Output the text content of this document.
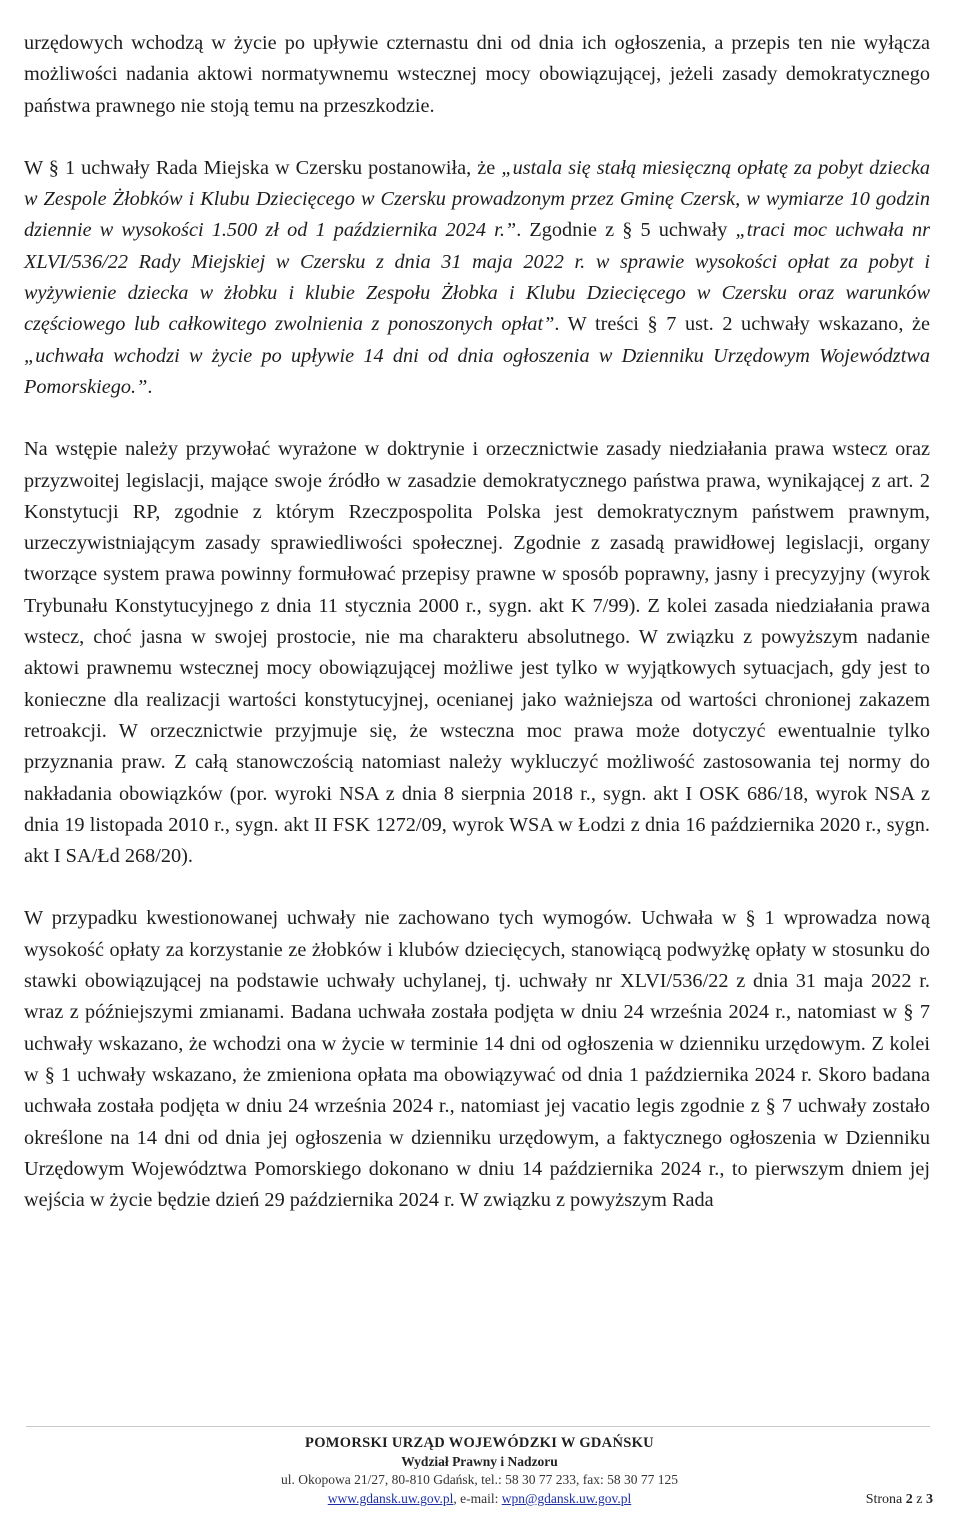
urzędowych wchodzą w życie po upływie czternastu dni od dnia ich ogłoszenia, a przepis ten nie wyłącza możliwości nadania aktowi normatywnemu wstecznej mocy obowiązującej, jeżeli zasady demokratycznego państwa prawnego nie stoją temu na przeszkodzie.

W § 1 uchwały Rada Miejska w Czersku postanowiła, że „ustala się stałą miesięczną opłatę za pobyt dziecka w Zespole Żłobków i Klubu Dziecięcego w Czersku prowadzonym przez Gminę Czersk, w wymiarze 10 godzin dziennie w wysokości 1.500 zł od 1 października 2024 r.”. Zgodnie z § 5 uchwały „traci moc uchwała nr XLVI/536/22 Rady Miejskiej w Czersku z dnia 31 maja 2022 r. w sprawie wysokości opłat za pobyt i wyżywienie dziecka w żłobku i klubie Zespołu Żłobka i Klubu Dziecięcego w Czersku oraz warunków częściowego lub całkowitego zwolnienia z ponoszonych opłat”. W treści § 7 ust. 2 uchwały wskazano, że „uchwała wchodzi w życie po upływie 14 dni od dnia ogłoszenia w Dzienniku Urzędowym Województwa Pomorskiego.”.

Na wstępie należy przywołać wyrażone w doktrynie i orzecznictwie zasady niedziałania prawa wstecz oraz przyzwoitej legislacji, mające swoje źródło w zasadzie demokratycznego państwa prawa, wynikającej z art. 2 Konstytucji RP, zgodnie z którym Rzeczpospolita Polska jest demokratycznym państwem prawnym, urzeczywistniającym zasady sprawiedliwości społecznej. Zgodnie z zasadą prawidłowej legislacji, organy tworzące system prawa powinny formułować przepisy prawne w sposób poprawny, jasny i precyzyjny (wyrok Trybunału Konstytucyjnego z dnia 11 stycznia 2000 r., sygn. akt K 7/99). Z kolei zasada niedziałania prawa wstecz, choć jasna w swojej prostocie, nie ma charakteru absolutnego. W związku z powyższym nadanie aktowi prawnemu wstecznej mocy obowiązującej możliwe jest tylko w wyjątkowych sytuacjach, gdy jest to konieczne dla realizacji wartości konstytucyjnej, ocenianej jako ważniejsza od wartości chronionej zakazem retroakcji. W orzecznictwie przyjmuje się, że wsteczna moc prawa może dotyczyć ewentualnie tylko przyznania praw. Z całą stanowczością natomiast należy wykluczyć możliwość zastosowania tej normy do nakładania obowiązków (por. wyroki NSA z dnia 8 sierpnia 2018 r., sygn. akt I OSK 686/18, wyrok NSA z dnia 19 listopada 2010 r., sygn. akt II FSK 1272/09, wyrok WSA w Łodzi z dnia 16 października 2020 r., sygn. akt I SA/Łd 268/20).

W przypadku kwestionowanej uchwały nie zachowano tych wymogów. Uchwała w § 1 wprowadza nową wysokość opłaty za korzystanie ze żłobków i klubów dziecięcych, stanowiącą podwyżkę opłaty w stosunku do stawki obowiązującej na podstawie uchwały uchylanej, tj. uchwały nr XLVI/536/22 z dnia 31 maja 2022 r. wraz z późniejszymi zmianami. Badana uchwała została podjęta w dniu 24 września 2024 r., natomiast w § 7 uchwały wskazano, że wchodzi ona w życie w terminie 14 dni od ogłoszenia w dzienniku urzędowym. Z kolei w § 1 uchwały wskazano, że zmieniona opłata ma obowiązywać od dnia 1 października 2024 r. Skoro badana uchwała została podjęta w dniu 24 września 2024 r., natomiast jej vacatio legis zgodnie z § 7 uchwały zostało określone na 14 dni od dnia jej ogłoszenia w dzienniku urzędowym, a faktycznego ogłoszenia w Dzienniku Urzędowym Województwa Pomorskiego dokonano w dniu 14 października 2024 r., to pierwszym dniem jej wejścia w życie będzie dzień 29 października 2024 r. W związku z powyższym Rada

POMORSKI URZĄD WOJEWÓDZKI W GDAŃSKU
Wydział Prawny i Nadzoru
ul. Okopowa 21/27, 80-810 Gdańsk, tel.: 58 30 77 233, fax: 58 30 77 125
www.gdansk.uw.gov.pl, e-mail: wpn@gdansk.uw.gov.pl	Strona 2 z 3
